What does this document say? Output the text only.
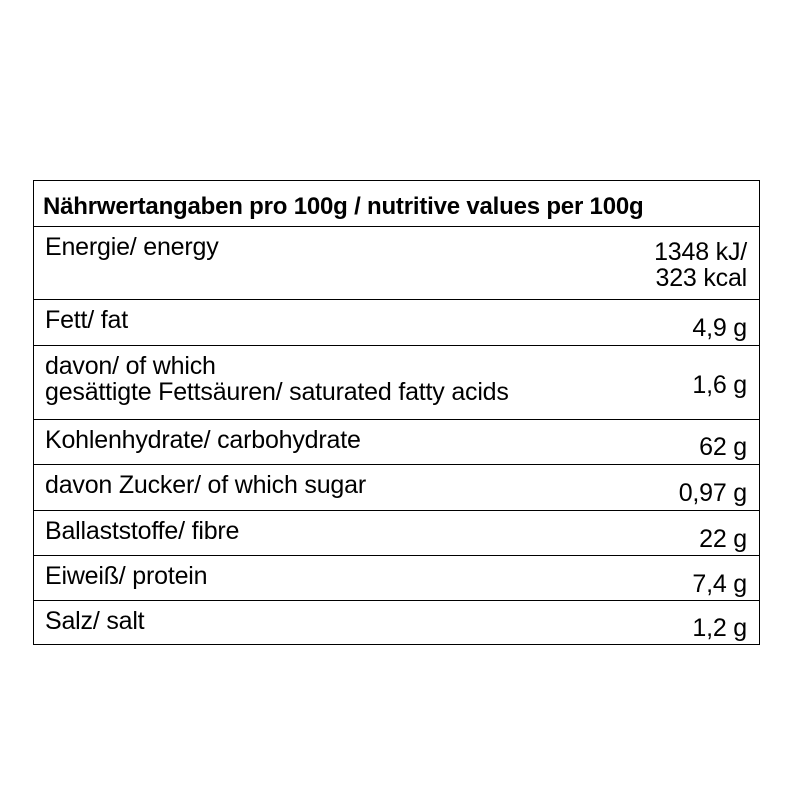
Nährwertangaben pro 100g / nutritive values per 100g
Energie/ energy	1348 kJ/
323 kcal
Fett/ fat	4,9 g
davon/ of which
gesättigte Fettsäuren/ saturated fatty acids	1,6 g
Kohlenhydrate/ carbohydrate	62 g
davon Zucker/ of which sugar	0,97 g
Ballaststoffe/ fibre	22 g
Eiweiß/ protein	7,4 g
Salz/ salt	1,2 g
